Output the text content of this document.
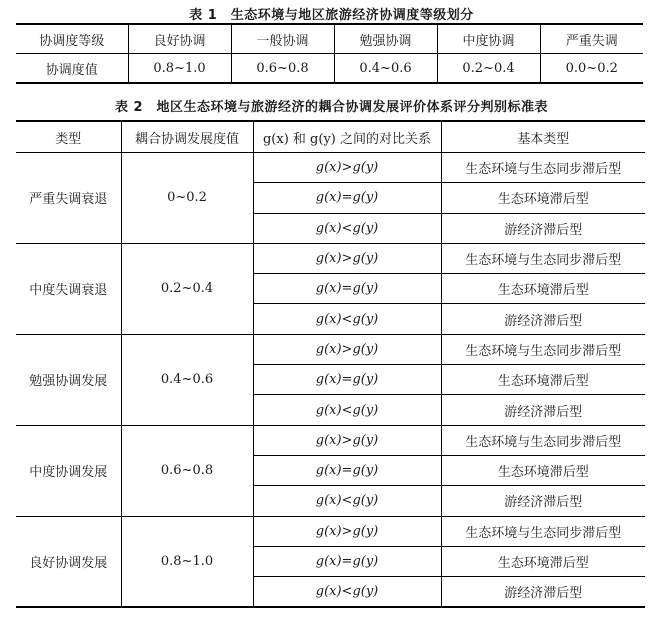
表 1　生态环境与地区旅游经济协调度等级划分
协调度等级	良好协调	一般协调	勉强协调	中度协调	严重失调
协调度值	0.8~1.0	0.6~0.8	0.4~0.6	0.2~0.4	0.0~0.2
表 2　地区生态环境与旅游经济的耦合协调发展评价体系评分判别标准表
类型	耦合协调发展度值	g(x) 和 g(y) 之间的对比关系	基本类型
严重失调衰退	0~0.2	g(x)>g(y)	生态环境与生态同步滞后型
		g(x)=g(y)	生态环境滞后型
		g(x)<g(y)	游经济滞后型
中度失调衰退	0.2~0.4	g(x)>g(y)	生态环境与生态同步滞后型
		g(x)=g(y)	生态环境滞后型
		g(x)<g(y)	游经济滞后型
勉强协调发展	0.4~0.6	g(x)>g(y)	生态环境与生态同步滞后型
		g(x)=g(y)	生态环境滞后型
		g(x)<g(y)	游经济滞后型
中度协调发展	0.6~0.8	g(x)>g(y)	生态环境与生态同步滞后型
		g(x)=g(y)	生态环境滞后型
		g(x)<g(y)	游经济滞后型
良好协调发展	0.8~1.0	g(x)>g(y)	生态环境与生态同步滞后型
		g(x)=g(y)	生态环境滞后型
		g(x)<g(y)	游经济滞后型
